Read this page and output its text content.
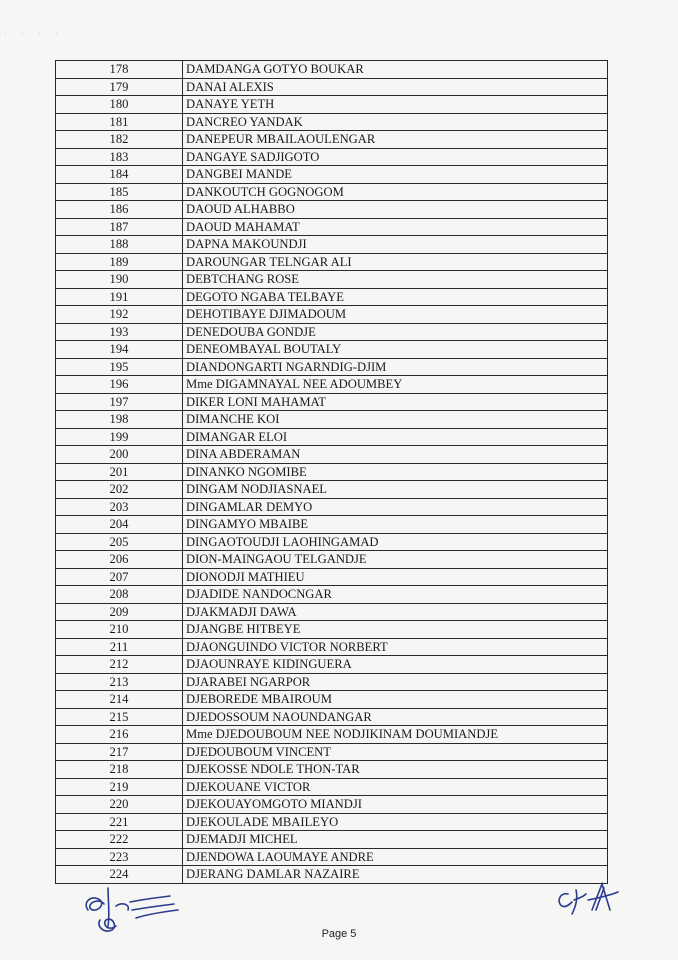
· · · ·
178	DAMDANGA GOTYO BOUKAR
179	DANAI ALEXIS
180	DANAYE YETH
181	DANCREO YANDAK
182	DANEPEUR MBAILAOULENGAR
183	DANGAYE SADJIGOTO
184	DANGBEI MANDE
185	DANKOUTCH GOGNOGOM
186	DAOUD ALHABBO
187	DAOUD MAHAMAT
188	DAPNA MAKOUNDJI
189	DAROUNGAR TELNGAR ALI
190	DEBTCHANG ROSE
191	DEGOTO NGABA TELBAYE
192	DEHOTIBAYE DJIMADOUM
193	DENEDOUBA GONDJE
194	DENEOMBAYAL BOUTALY
195	DIANDONGARTI NGARNDIG-DJIM
196	Mme DIGAMNAYAL NEE ADOUMBEY
197	DIKER LONI MAHAMAT
198	DIMANCHE KOI
199	DIMANGAR ELOI
200	DINA ABDERAMAN
201	DINANKO NGOMIBE
202	DINGAM NODJIASNAEL
203	DINGAMLAR DEMYO
204	DINGAMYO MBAIBE
205	DINGAOTOUDJI LAOHINGAMAD
206	DION-MAINGAOU TELGANDJE
207	DIONODJI MATHIEU
208	DJADIDE NANDOCNGAR
209	DJAKMADJI DAWA
210	DJANGBE HITBEYE
211	DJAONGUINDO VICTOR NORBERT
212	DJAOUNRAYE KIDINGUERA
213	DJARABEI NGARPOR
214	DJEBOREDE MBAIROUM
215	DJEDOSSOUM NAOUNDANGAR
216	Mme DJEDOUBOUM NEE NODJIKINAM DOUMIANDJE
217	DJEDOUBOUM VINCENT
218	DJEKOSSE NDOLE THON-TAR
219	DJEKOUANE VICTOR
220	DJEKOUAYOMGOTO MIANDJI
221	DJEKOULADE MBAILEYO
222	DJEMADJI MICHEL
223	DJENDOWA LAOUMAYE ANDRE
224	DJERANG DAMLAR NAZAIRE
Page 5
